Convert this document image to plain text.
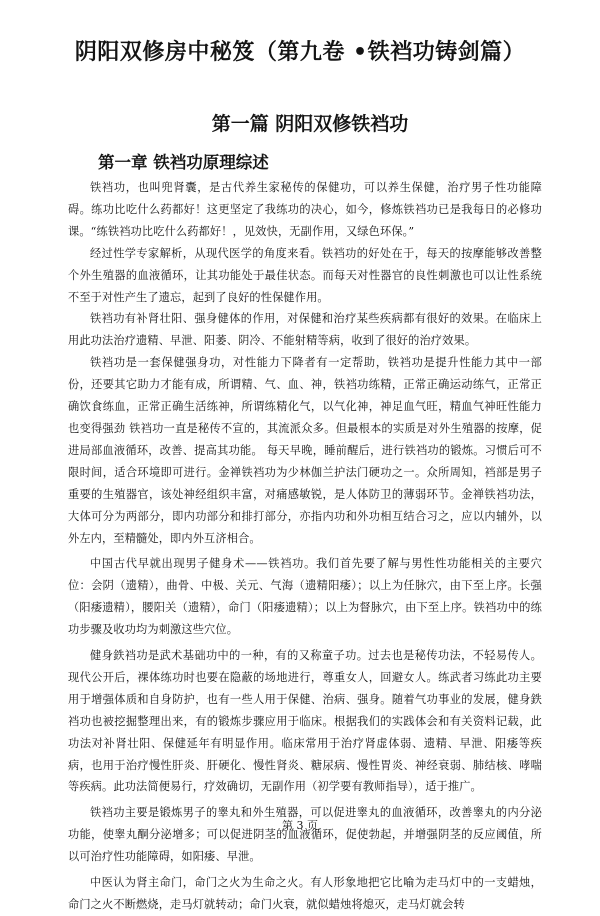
阴阳双修房中秘笈（第九卷 •铁裆功铸剑篇）
第一篇 阴阳双修铁裆功
第一章 铁裆功原理综述

铁裆功，也叫兜肾囊，是古代养生家秘传的保健功，可以养生保健，治疗男子性功能障碍。练功比吃什么药都好！这更坚定了我练功的决心，如今，修炼铁裆功已是我每日的必修功课。“练铁裆功比吃什么药都好！，见效快，无副作用，又绿色环保。”

经过性学专家解析，从现代医学的角度来看。铁裆功的好处在于，每天的按摩能够改善整个外生殖器的血液循环，让其功能处于最佳状态。而每天对性器官的良性刺激也可以让性系统不至于对性产生了遗忘，起到了良好的性保健作用。

铁裆功有补肾壮阳、强身健体的作用，对保健和治疗某些疾病都有很好的效果。在临床上用此功法治疗遗精、早泄、阳萎、阴冷、不能射精等病，收到了很好的治疗效果。

铁裆功是一套保健强身功，对性能力下降者有一定帮助，铁裆功是提升性能力其中一部份，还要其它助力才能有成，所谓精、气、血、神，铁裆功练精，正常正确运动练气，正常正确饮食练血，正常正确生活练神，所谓练精化气，以气化神，神足血气旺，精血气神旺性能力也变得强劲 铁裆功一直是秘传不宣的，其流派众多。但最根本的实质是对外生殖器的按摩，促进局部血液循环，改善、提高其功能。 每天早晚，睡前醒后，进行铁裆功的锻炼。习惯后可不限时间，适合环境即可进行。金禅铁裆功为少林伽兰护法门硬功之一。众所周知，裆部是男子重要的生殖器官，该处神经组织丰富，对痛感敏锐，是人体防卫的薄弱环节。金禅铁裆功法，大体可分为两部分，即内功部分和排打部分，亦指内功和外功相互结合习之，应以内辅外，以外左内，至精髓处，即内外互济相合。

中国古代早就出现男子健身术——铁裆功。我们首先要了解与男性性功能相关的主要穴位：会阴（遗精），曲骨、中极、关元、气海（遗精阳痿）；以上为任脉穴，由下至上序。长强（阳痿遗精），腰阳关（遗精），命门（阳痿遗精）；以上为督脉穴，由下至上序。铁裆功中的练功步骤及收功均为刺激这些穴位。

健身鉄裆功是武术基础功中的一种，有的又称童子功。过去也是秘传功法，不轻易传人。现代公开后，裸体练功时也要在隐蔽的场地进行，尊重女人，回避女人。练武者习练此功主要用于增强体质和自身防护，也有一些人用于保健、治病、强身。随着气功事业的发展，健身鉄裆功也被挖掘整理出来，有的锻炼步骤应用于临床。根据我们的实践体会和有关资料记载，此功法对补肾壮阳、保健延年有明显作用。临床常用于治疗肾虚体弱、遗精、早泄、阳痿等疾病，也用于治疗慢性肝炎、肝硬化、慢性肾炎、糖尿病、慢性胃炎、神经衰弱、肺结核、哮喘等疾病。此功法简便易行，疗效确切，无副作用（初学要有教师指导），适于推广。

铁裆功主要是锻炼男子的睾丸和外生殖器，可以促进睾丸的血液循环，改善睾丸的内分泌功能，使睾丸酮分泌增多；可以促进阴茎的血液循环，促使勃起，并增强阴茎的反应阈值，所以可治疗性功能障碍，如阳痿、早泄。

中医认为肾主命门，命门之火为生命之火。有人形象地把它比喻为走马灯中的一支蜡烛，命门之火不断燃烧，走马灯就转动；命门火衰，就似蜡烛将熄灭，走马灯就会转

第 3 页
